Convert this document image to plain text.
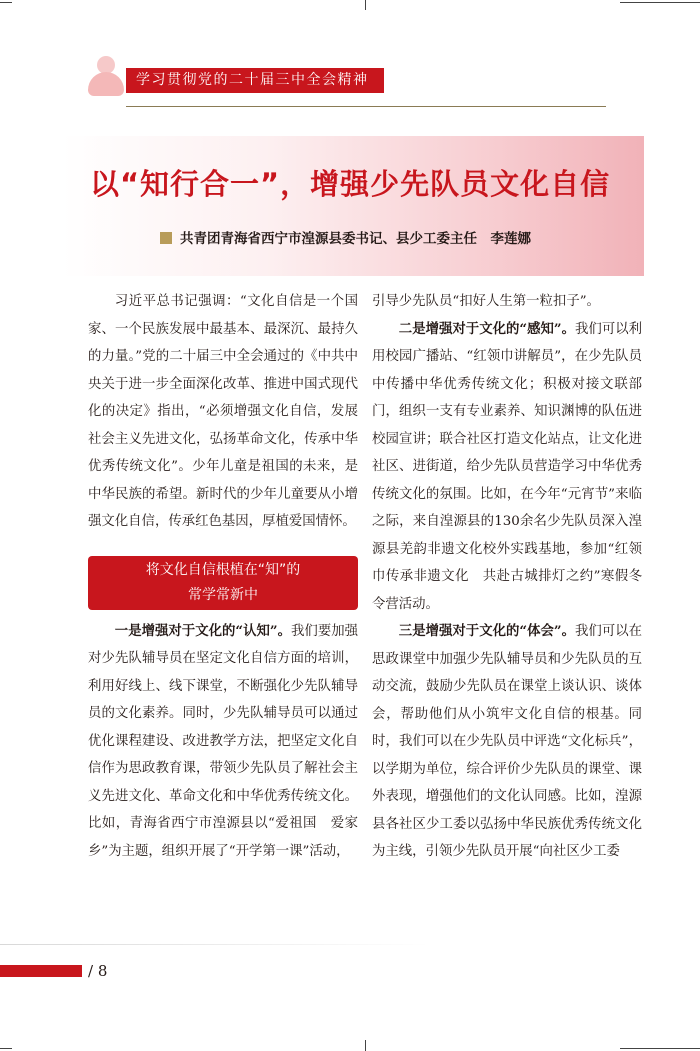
学习贯彻党的二十届三中全会精神
以“知行合一”，增强少先队员文化自信
共青团青海省西宁市湟源县委书记、县少工委主任　李莲娜

习近平总书记强调：“文化自信是一个国家、一个民族发展中最基本、最深沉、最持久的力量。”党的二十届三中全会通过的《中共中央关于进一步全面深化改革、推进中国式现代化的决定》指出，“必须增强文化自信，发展社会主义先进文化，弘扬革命文化，传承中华优秀传统文化”。少年儿童是祖国的未来，是中华民族的希望。新时代的少年儿童要从小增强文化自信，传承红色基因，厚植爱国情怀。

将文化自信根植在“知”的
常学常新中

一是增强对于文化的“认知”。我们要加强对少先队辅导员在坚定文化自信方面的培训，利用好线上、线下课堂，不断强化少先队辅导员的文化素养。同时，少先队辅导员可以通过优化课程建设、改进教学方法，把坚定文化自信作为思政教育课，带领少先队员了解社会主义先进文化、革命文化和中华优秀传统文化。比如，青海省西宁市湟源县以“爱祖国　爱家乡”为主题，组织开展了“开学第一课”活动，

引导少先队员“扣好人生第一粒扣子”。

二是增强对于文化的“感知”。我们可以利用校园广播站、“红领巾讲解员”，在少先队员中传播中华优秀传统文化；积极对接文联部门，组织一支有专业素养、知识渊博的队伍进校园宣讲；联合社区打造文化站点，让文化进社区、进街道，给少先队员营造学习中华优秀传统文化的氛围。比如，在今年“元宵节”来临之际，来自湟源县的130余名少先队员深入湟源县羌韵非遗文化校外实践基地，参加“红领巾传承非遗文化　共赴古城排灯之约”寒假冬令营活动。

三是增强对于文化的“体会”。我们可以在思政课堂中加强少先队辅导员和少先队员的互动交流，鼓励少先队员在课堂上谈认识、谈体会，帮助他们从小筑牢文化自信的根基。同时，我们可以在少先队员中评选“文化标兵”，以学期为单位，综合评价少先队员的课堂、课外表现，增强他们的文化认同感。比如，湟源县各社区少工委以弘扬中华民族优秀传统文化为主线，引领少先队员开展“向社区少工委

/ 8
